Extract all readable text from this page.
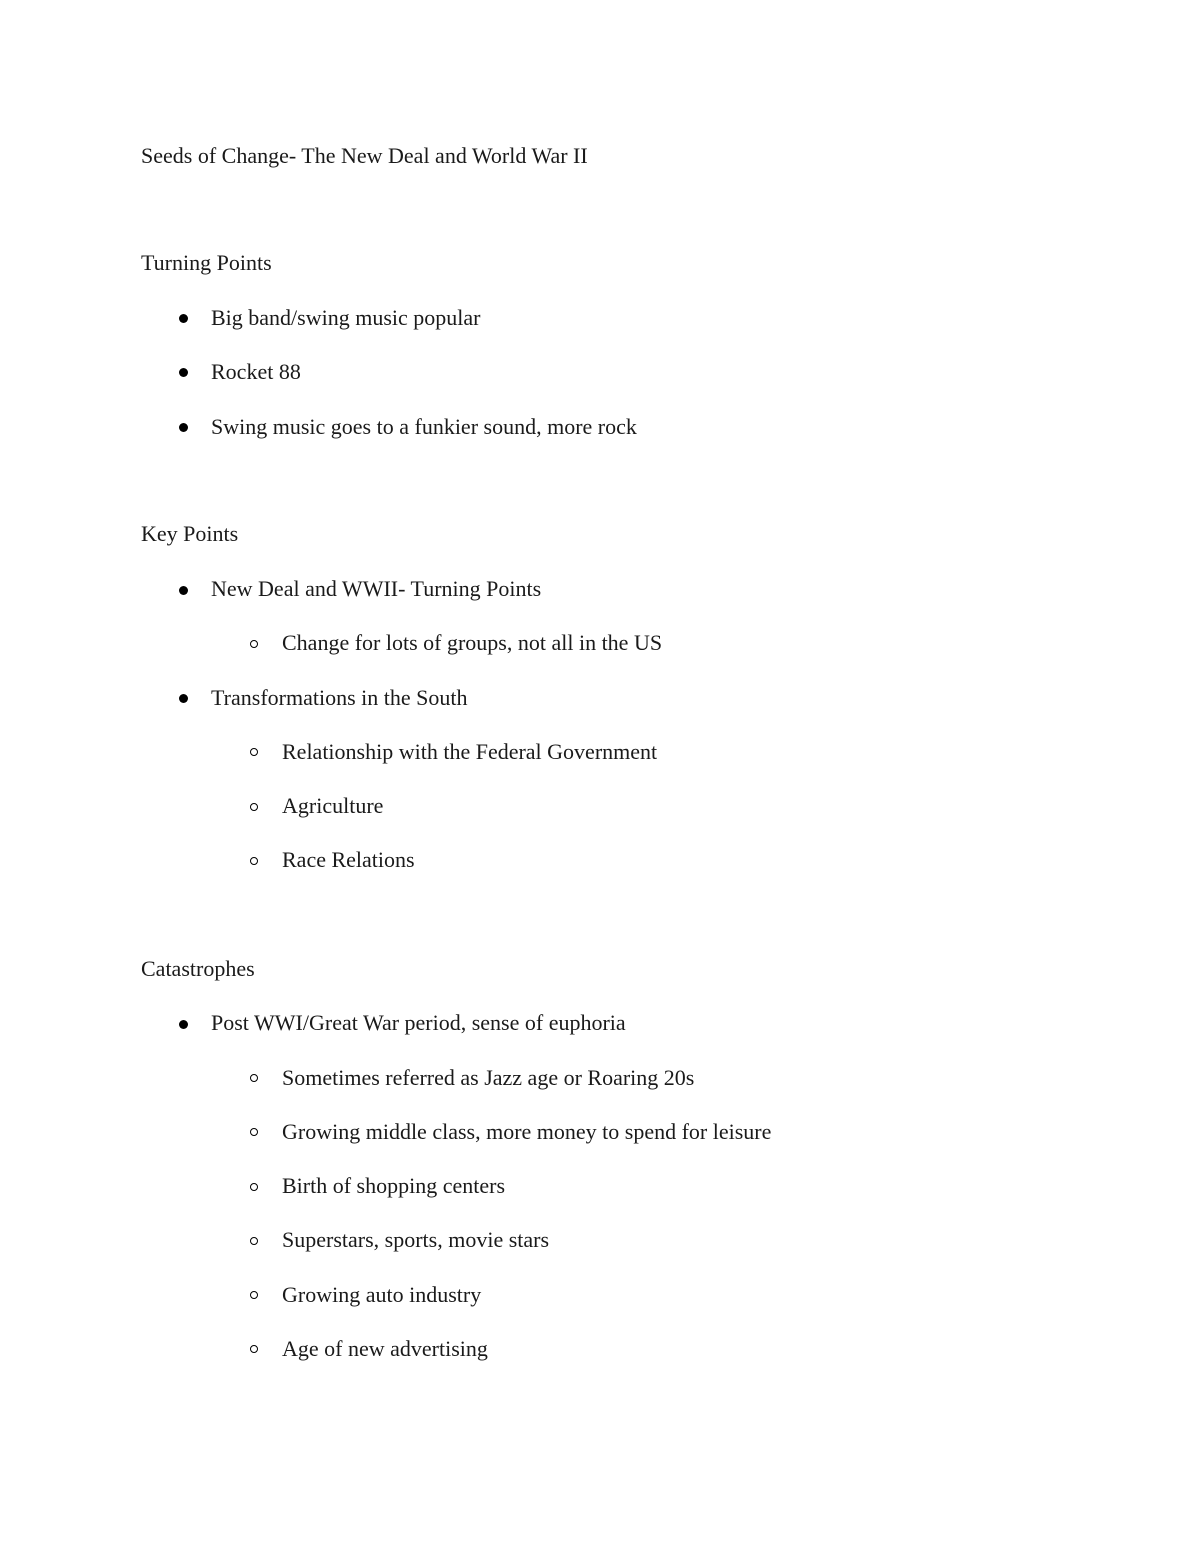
Seeds of Change- The New Deal and World War II
Turning Points
Big band/swing music popular
Rocket 88
Swing music goes to a funkier sound, more rock
Key Points
New Deal and WWII- Turning Points
Change for lots of groups, not all in the US
Transformations in the South
Relationship with the Federal Government
Agriculture
Race Relations
Catastrophes
Post WWI/Great War period, sense of euphoria
Sometimes referred as Jazz age or Roaring 20s
Growing middle class, more money to spend for leisure
Birth of shopping centers
Superstars, sports, movie stars
Growing auto industry
Age of new advertising
